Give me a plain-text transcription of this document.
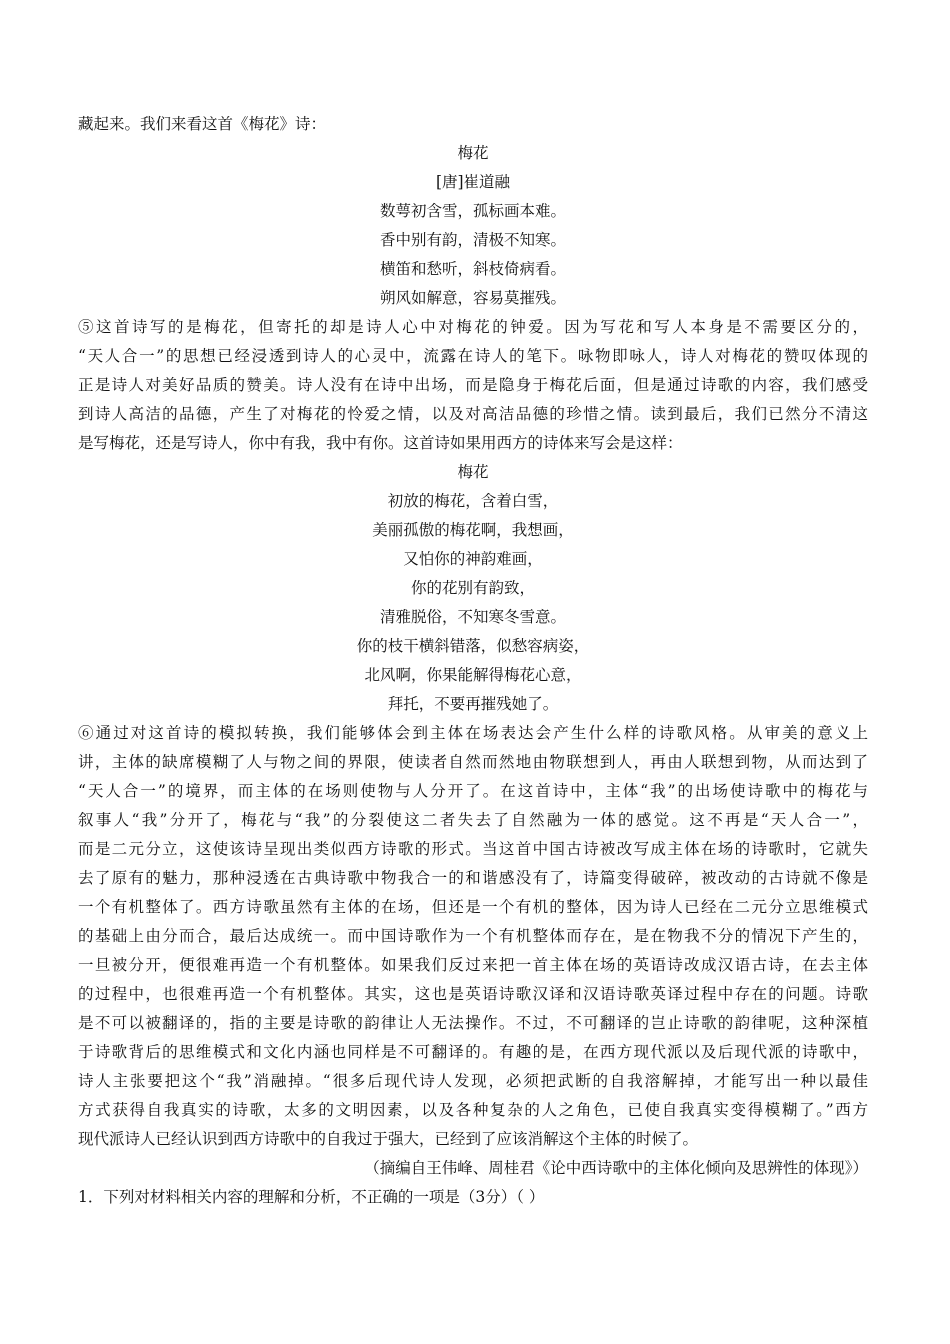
藏起来。我们来看这首《梅花》诗：
梅花
[唐]崔道融
数萼初含雪，孤标画本难。
香中别有韵，清极不知寒。
横笛和愁听，斜枝倚病看。
朔风如解意，容易莫摧残。
⑤这首诗写的是梅花，但寄托的却是诗人心中对梅花的钟爱。因为写花和写人本身是不需要区分的，
“天人合一”的思想已经浸透到诗人的心灵中，流露在诗人的笔下。咏物即咏人，诗人对梅花的赞叹体现的
正是诗人对美好品质的赞美。诗人没有在诗中出场，而是隐身于梅花后面，但是通过诗歌的内容，我们感受
到诗人高洁的品德，产生了对梅花的怜爱之情，以及对高洁品德的珍惜之情。读到最后，我们已然分不清这
是写梅花，还是写诗人，你中有我，我中有你。这首诗如果用西方的诗体来写会是这样：
梅花
初放的梅花，含着白雪，
美丽孤傲的梅花啊，我想画，
又怕你的神韵难画，
你的花别有韵致，
清雅脱俗，不知寒冬雪意。
你的枝干横斜错落，似愁容病姿，
北风啊，你果能解得梅花心意，
拜托，不要再摧残她了。
⑥通过对这首诗的模拟转换，我们能够体会到主体在场表达会产生什么样的诗歌风格。从审美的意义上
讲，主体的缺席模糊了人与物之间的界限，使读者自然而然地由物联想到人，再由人联想到物，从而达到了
“天人合一”的境界，而主体的在场则使物与人分开了。在这首诗中，主体“我”的出场使诗歌中的梅花与
叙事人“我”分开了，梅花与“我”的分裂使这二者失去了自然融为一体的感觉。这不再是“天人合一”，
而是二元分立，这使该诗呈现出类似西方诗歌的形式。当这首中国古诗被改写成主体在场的诗歌时，它就失
去了原有的魅力，那种浸透在古典诗歌中物我合一的和谐感没有了，诗篇变得破碎，被改动的古诗就不像是
一个有机整体了。西方诗歌虽然有主体的在场，但还是一个有机的整体，因为诗人已经在二元分立思维模式
的基础上由分而合，最后达成统一。而中国诗歌作为一个有机整体而存在，是在物我不分的情况下产生的，
一旦被分开，便很难再造一个有机整体。如果我们反过来把一首主体在场的英语诗改成汉语古诗，在去主体
的过程中，也很难再造一个有机整体。其实，这也是英语诗歌汉译和汉语诗歌英译过程中存在的问题。诗歌
是不可以被翻译的，指的主要是诗歌的韵律让人无法操作。不过，不可翻译的岂止诗歌的韵律呢，这种深植
于诗歌背后的思维模式和文化内涵也同样是不可翻译的。有趣的是，在西方现代派以及后现代派的诗歌中，
诗人主张要把这个“我”消融掉。“很多后现代诗人发现，必须把武断的自我溶解掉，才能写出一种以最佳
方式获得自我真实的诗歌，太多的文明因素，以及各种复杂的人之角色，已使自我真实变得模糊了。”西方
现代派诗人已经认识到西方诗歌中的自我过于强大，已经到了应该消解这个主体的时候了。
（摘编自王伟峰、周桂君《论中西诗歌中的主体化倾向及思辨性的体现》）
1．下列对材料相关内容的理解和分析，不正确的一项是（3分）（ ）
